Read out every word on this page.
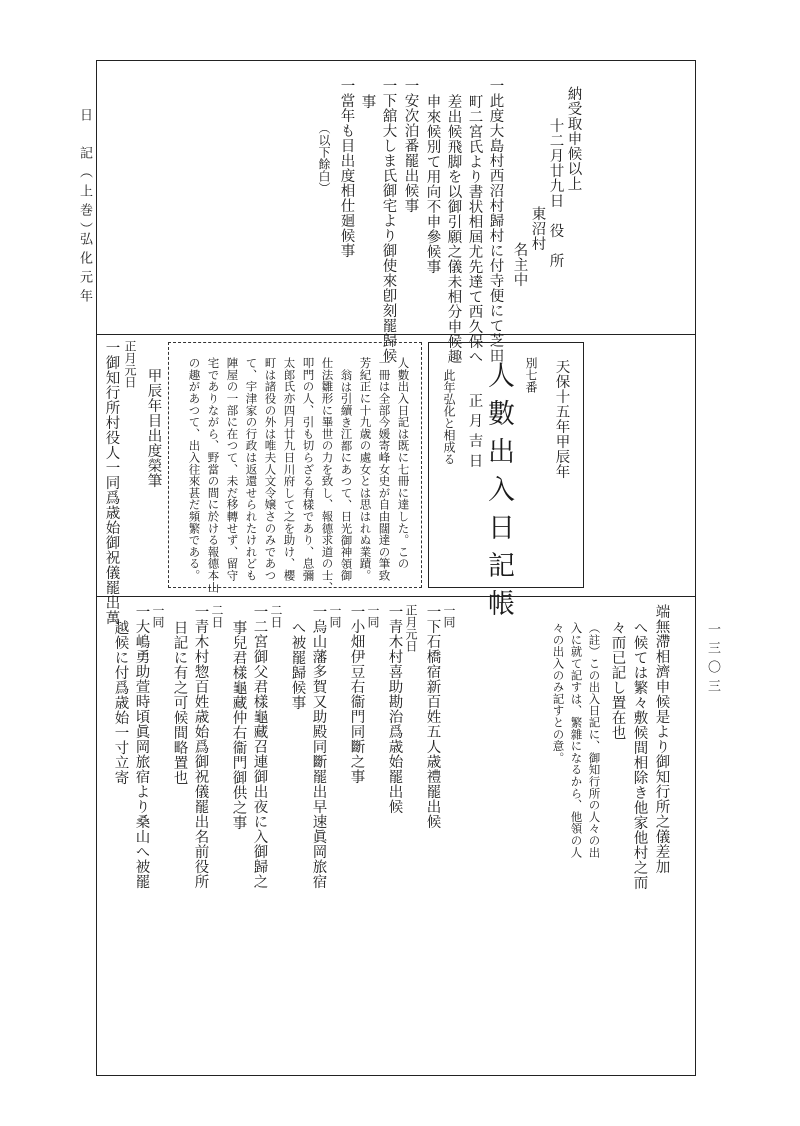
日　記（上巻）
弘化元年
一三〇三
納受取申候以上
十二月廿九日　役　所
東沼村
名主中
一此度大島村西沼村歸村に付寺便にて芝田
町二宮氏より書状相屆尤先達て西久保へ
差出候飛脚を以御引願之儀未相分申候趣
申來候別て用向不申參候事
一安次泊番罷出候事
一下舘大しま氏御宅より御使來卽刻罷歸候
事
一當年も目出度相仕廻候事
（以下餘白）
天保十五年甲辰年
別七番
人數出入日記帳
正 月 吉 日
此年弘化と相成る
人數出入日記は既に七冊に達した。この
一冊は全部今媛寄峰女史が自由闊達の筆致
芳紀正に十九歳の處女とは思はれぬ業蹟。
翁は引續き江都にあつて、日光御神領御
仕法雛形に畢世の力を致し、報德求道の士、
叩門の人、引も切らざる有樣であり、息彌
太郎氏亦四月廿九日川府して之を助け、櫻
町は諸役の外は唯夫人文令嬢さのみであつ
て、宇津家の行政は返還せられたけれども
陣屋の一部に在つて、未だ移轉せず、留守
宅でありながら、野當の間に於ける報德本山
の趣があつて、出入往來甚だ頻繁である。
甲辰年目出度榮筆
正月元日
一御知行所村役人一同爲歳始御祝儀罷出萬
端無滯相濟申候是より御知行所之儀差加
へ候ては繁々敷候間相除き他家他村之而
々而已記し置在也
（註）この出入日記に、御知行所の人々の出
入に就て記すは、繁雜になるから、他領の人
々の出入のみ記すとの意。
一同
一下石橋宿新百姓五人歳禮罷出候
正月元日
一青木村喜助勘治爲歳始罷出候
一同
一小畑伊豆右衞門同斷之事
一同
一烏山藩多賀又助殿同斷罷出早速眞岡旅宿
へ被罷歸候事
二日
一二宮御父君樣龜藏召連御出夜に入御歸之
事兒君樣龜藏仲右衞門御供之事
二日
一青木村惣百姓歳始爲御祝儀罷出名前役所
日記に有之可候間略置也
一同
一大嶋勇助萱時頃眞岡旅宿より桑山へ被罷
越候に付爲歳始一寸立寄
